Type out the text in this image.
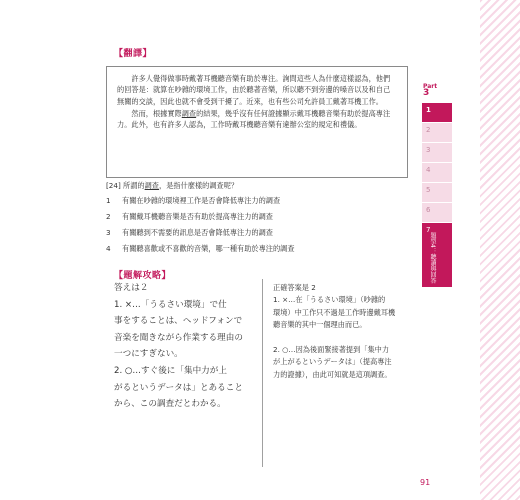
Part
3
1
2
3
4
5
6
7
題型4：聽讀與回答
【翻譯】

許多人覺得做事時戴著耳機聽音樂有助於專注。詢問這些人為什麼這樣認為，他們的回答是：就算在吵雜的環境工作，由於聽著音樂，所以聽不到旁邊的嗓音以及和自己無關的交談，因此也就不會受到干擾了。近來，也有些公司允許員工戴著耳機工作。

然而，根據實際調查的結果，幾乎沒有任何證據顯示戴耳機聽音樂有助於提高專注力。此外，也有許多人認為，工作時戴耳機聽音樂有違辦公室的規定和禮儀。

[24] 所謂的調查，是指什麼樣的調查呢？
1 有關在吵雜的環境裡工作是否會降低專注力的調查
2 有關戴耳機聽音樂是否有助於提高專注力的調查
3 有關聽到不需要的訊息是否會降低專注力的調查
4 有關聽喜歡或不喜歡的音樂，哪一種有助於專注的調查
【題解攻略】
答えは２
1. ×…「うるさい環境」で仕
事をすることは、ヘッドフォンで
音楽を聞きながら作業する理由の
一つにすぎない。
2. ○…すぐ後に「集中力が上
がるというデータは」とあること
から、この調査だとわかる。
正確答案是 2
1. ×…在「うるさい環境」（吵雜的
環境）中工作只不過是工作時邊戴耳機
聽音樂的其中一個理由而已。

2. ○…因為後面緊接著提到「集中力
が上がるというデータは」（提高專注
力的證據），由此可知就是這項調查。
91
